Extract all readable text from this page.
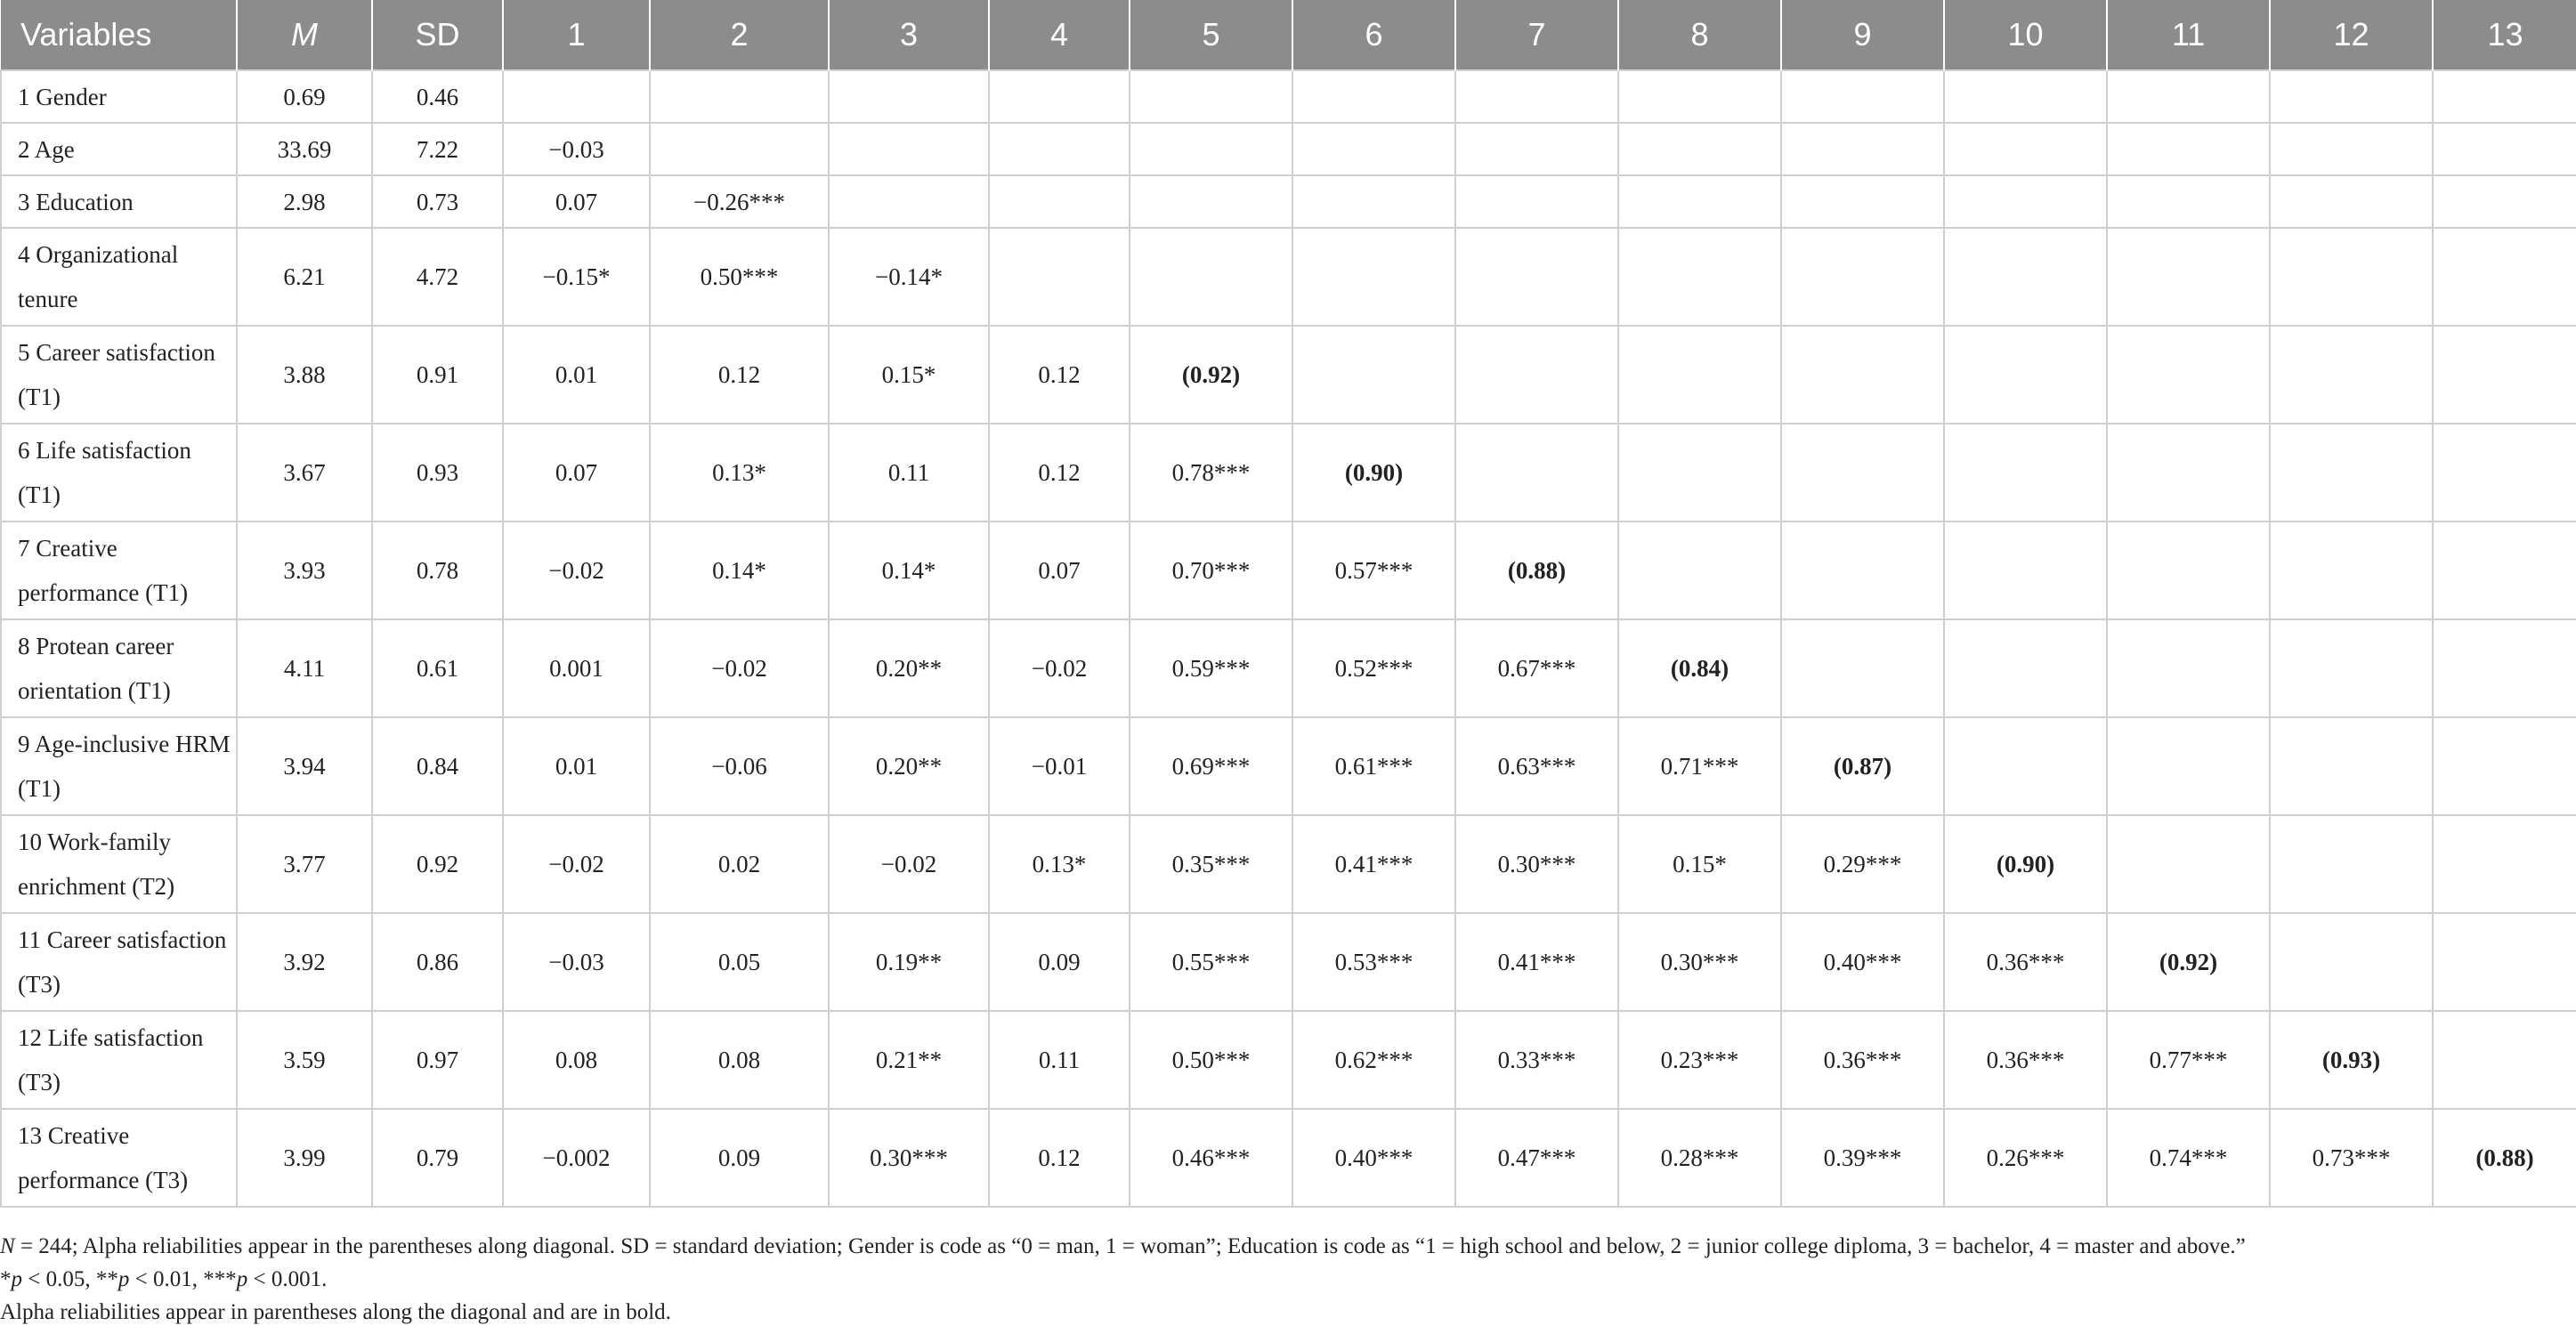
Variables	M	SD	1	2	3	4	5	6	7	8	9	10	11	12	13
1 Gender	0.69	0.46													
2 Age	33.69	7.22	−0.03												
3 Education	2.98	0.73	0.07	−0.26***											
4 Organizational tenure	6.21	4.72	−0.15*	0.50***	−0.14*										
5 Career satisfaction (T1)	3.88	0.91	0.01	0.12	0.15*	0.12	(0.92)								
6 Life satisfaction (T1)	3.67	0.93	0.07	0.13*	0.11	0.12	0.78***	(0.90)							
7 Creative performance (T1)	3.93	0.78	−0.02	0.14*	0.14*	0.07	0.70***	0.57***	(0.88)						
8 Protean career orientation (T1)	4.11	0.61	0.001	−0.02	0.20**	−0.02	0.59***	0.52***	0.67***	(0.84)					
9 Age-inclusive HRM (T1)	3.94	0.84	0.01	−0.06	0.20**	−0.01	0.69***	0.61***	0.63***	0.71***	(0.87)				
10 Work-family enrichment (T2)	3.77	0.92	−0.02	0.02	−0.02	0.13*	0.35***	0.41***	0.30***	0.15*	0.29***	(0.90)			
11 Career satisfaction (T3)	3.92	0.86	−0.03	0.05	0.19**	0.09	0.55***	0.53***	0.41***	0.30***	0.40***	0.36***	(0.92)		
12 Life satisfaction (T3)	3.59	0.97	0.08	0.08	0.21**	0.11	0.50***	0.62***	0.33***	0.23***	0.36***	0.36***	0.77***	(0.93)	
13 Creative performance (T3)	3.99	0.79	−0.002	0.09	0.30***	0.12	0.46***	0.40***	0.47***	0.28***	0.39***	0.26***	0.74***	0.73***	(0.88)
N = 244; Alpha reliabilities appear in the parentheses along diagonal. SD = standard deviation; Gender is code as “0 = man, 1 = woman”; Education is code as “1 = high school and below, 2 = junior college diploma, 3 = bachelor, 4 = master and above.”
*p < 0.05, **p < 0.01, ***p < 0.001.
Alpha reliabilities appear in parentheses along the diagonal and are in bold.
